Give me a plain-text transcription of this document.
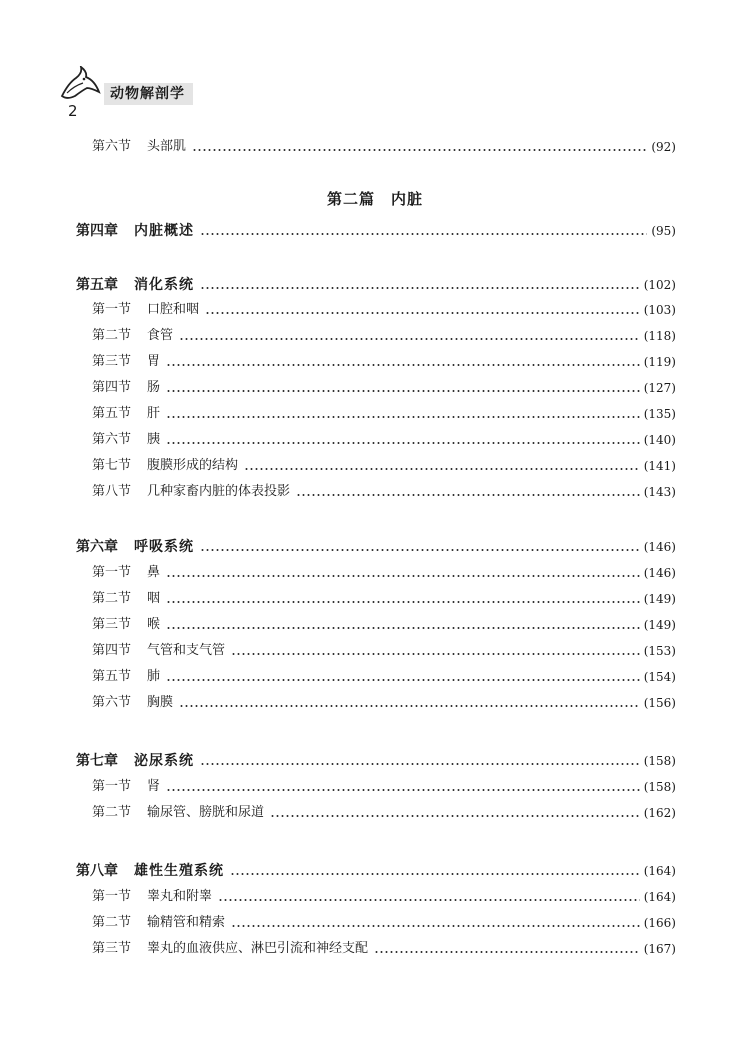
动物解剖学
2
第二篇 内脏
第六节 头部肌	(92)
第四章 内脏概述	(95)
第五章 消化系统	(102)
第一节 口腔和咽	(103)
第二节 食管	(118)
第三节 胃	(119)
第四节 肠	(127)
第五节 肝	(135)
第六节 胰	(140)
第七节 腹膜形成的结构	(141)
第八节 几种家畜内脏的体表投影	(143)
第六章 呼吸系统	(146)
第一节 鼻	(146)
第二节 咽	(149)
第三节 喉	(149)
第四节 气管和支气管	(153)
第五节 肺	(154)
第六节 胸膜	(156)
第七章 泌尿系统	(158)
第一节 肾	(158)
第二节 输尿管、膀胱和尿道	(162)
第八章 雄性生殖系统	(164)
第一节 睾丸和附睾	(164)
第二节 输精管和精索	(166)
第三节 睾丸的血液供应、淋巴引流和神经支配	(167)
